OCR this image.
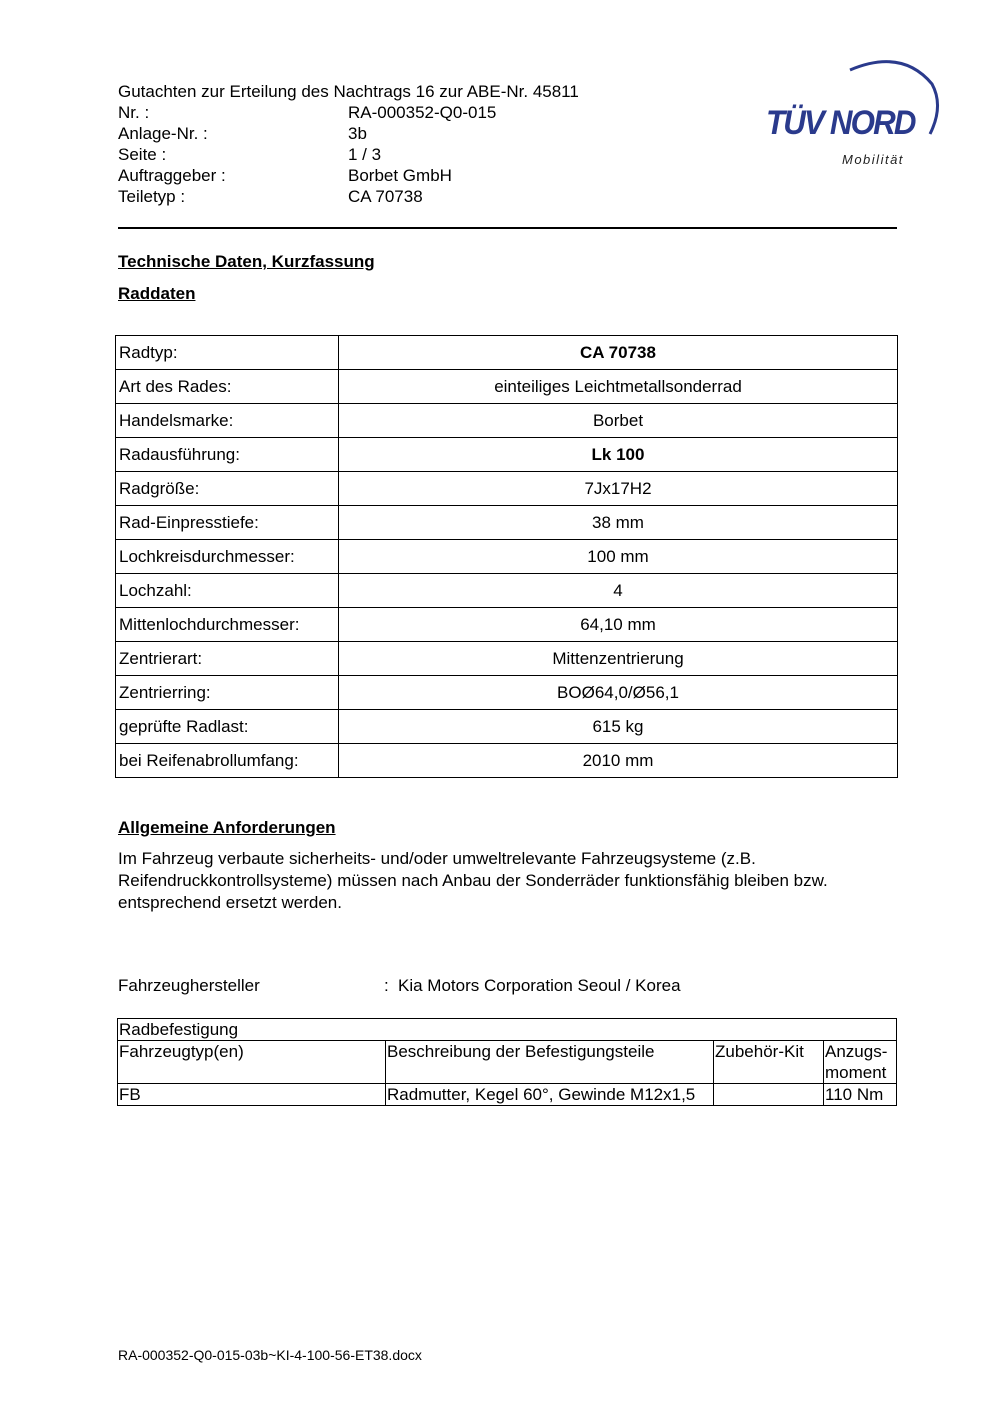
Gutachten zur Erteilung des Nachtrags 16 zur ABE-Nr. 45811
Nr. :	RA-000352-Q0-015
Anlage-Nr. :	3b
Seite :	1 / 3
Auftraggeber :	Borbet GmbH
Teiletyp :	CA 70738
TÜV NORD
Mobilität
Technische Daten, Kurzfassung
Raddaten
Radtyp:	CA 70738
Art des Rades:	einteiliges Leichtmetallsonderrad
Handelsmarke:	Borbet
Radausführung:	Lk 100
Radgröße:	7Jx17H2
Rad-Einpresstiefe:	38 mm
Lochkreisdurchmesser:	100 mm
Lochzahl:	4
Mittenlochdurchmesser:	64,10 mm
Zentrierart:	Mittenzentrierung
Zentrierring:	BOØ64,0/Ø56,1
geprüfte Radlast:	615 kg
bei Reifenabrollumfang:	2010 mm
Allgemeine Anforderungen
Im Fahrzeug verbaute sicherheits- und/oder umweltrelevante Fahrzeugsysteme (z.B. Reifendruckkontrollsysteme) müssen nach Anbau der Sonderräder funktionsfähig bleiben bzw. entsprechend ersetzt werden.
Fahrzeughersteller	: Kia Motors Corporation Seoul / Korea
Radbefestigung			
Fahrzeugtyp(en)	Beschreibung der Befestigungsteile	Zubehör-Kit	Anzugs-moment
FB	Radmutter, Kegel 60°, Gewinde M12x1,5		110 Nm
RA-000352-Q0-015-03b~KI-4-100-56-ET38.docx
